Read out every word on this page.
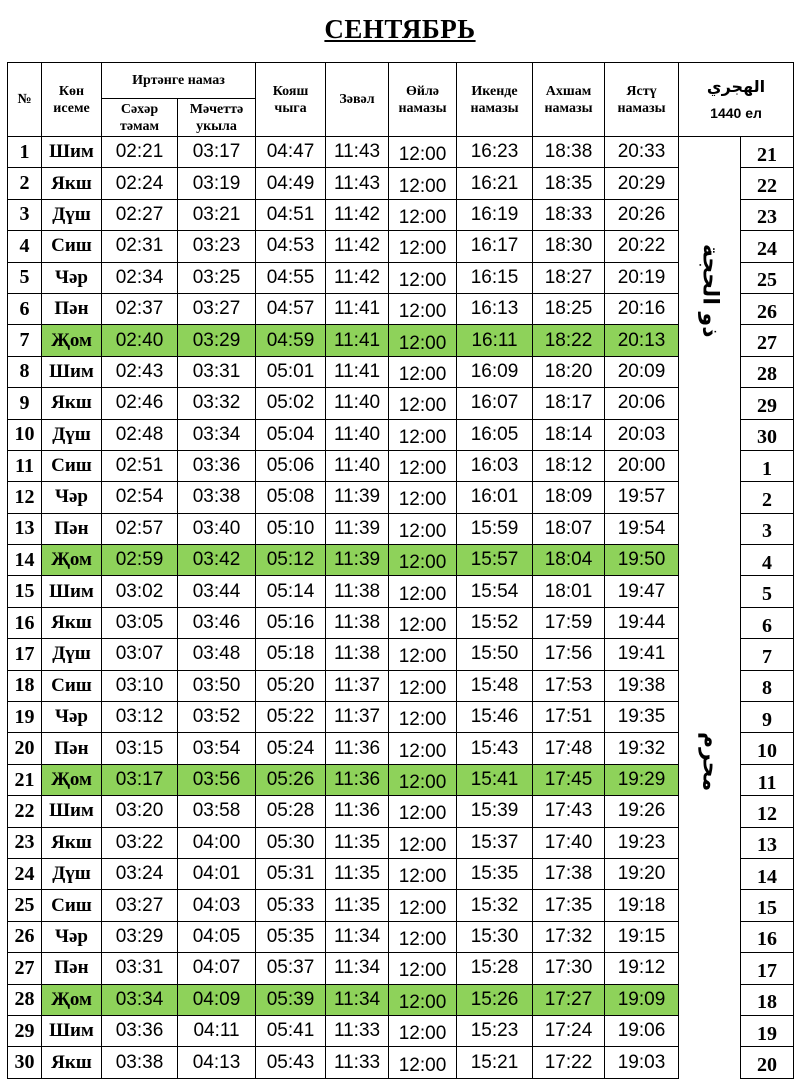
СЕНТЯБРЬ
№	Көн исеме	Иртәнге намаз		Кояш чыга	Зәвәл	Өйлә намазы	Икенде намазы	Ахшам намазы	Ястү намазы	الهجري
1440 ел	

		Сәхәр тәмам	Мәчеттә укыла								

1	Шим	02:21	03:17	04:47	11:43	12:00	16:23	18:38	20:33	ذو الحجة	21
2	Якш	02:24	03:19	04:49	11:43	12:00	16:21	18:35	20:29		22
3	Дүш	02:27	03:21	04:51	11:42	12:00	16:19	18:33	20:26		23
4	Сиш	02:31	03:23	04:53	11:42	12:00	16:17	18:30	20:22		24
5	Чәр	02:34	03:25	04:55	11:42	12:00	16:15	18:27	20:19		25
6	Пән	02:37	03:27	04:57	11:41	12:00	16:13	18:25	20:16		26
7	Җом	02:40	03:29	04:59	11:41	12:00	16:11	18:22	20:13		27
8	Шим	02:43	03:31	05:01	11:41	12:00	16:09	18:20	20:09		28
9	Якш	02:46	03:32	05:02	11:40	12:00	16:07	18:17	20:06		29
10	Дүш	02:48	03:34	05:04	11:40	12:00	16:05	18:14	20:03		30
11	Сиш	02:51	03:36	05:06	11:40	12:00	16:03	18:12	20:00	محرم	1
12	Чәр	02:54	03:38	05:08	11:39	12:00	16:01	18:09	19:57		2
13	Пән	02:57	03:40	05:10	11:39	12:00	15:59	18:07	19:54		3
14	Җом	02:59	03:42	05:12	11:39	12:00	15:57	18:04	19:50		4
15	Шим	03:02	03:44	05:14	11:38	12:00	15:54	18:01	19:47		5
16	Якш	03:05	03:46	05:16	11:38	12:00	15:52	17:59	19:44		6
17	Дүш	03:07	03:48	05:18	11:38	12:00	15:50	17:56	19:41		7
18	Сиш	03:10	03:50	05:20	11:37	12:00	15:48	17:53	19:38		8
19	Чәр	03:12	03:52	05:22	11:37	12:00	15:46	17:51	19:35		9
20	Пән	03:15	03:54	05:24	11:36	12:00	15:43	17:48	19:32		10
21	Җом	03:17	03:56	05:26	11:36	12:00	15:41	17:45	19:29		11
22	Шим	03:20	03:58	05:28	11:36	12:00	15:39	17:43	19:26		12
23	Якш	03:22	04:00	05:30	11:35	12:00	15:37	17:40	19:23		13
24	Дүш	03:24	04:01	05:31	11:35	12:00	15:35	17:38	19:20		14
25	Сиш	03:27	04:03	05:33	11:35	12:00	15:32	17:35	19:18		15
26	Чәр	03:29	04:05	05:35	11:34	12:00	15:30	17:32	19:15		16
27	Пән	03:31	04:07	05:37	11:34	12:00	15:28	17:30	19:12		17
28	Җом	03:34	04:09	05:39	11:34	12:00	15:26	17:27	19:09		18
29	Шим	03:36	04:11	05:41	11:33	12:00	15:23	17:24	19:06		19
30	Якш	03:38	04:13	05:43	11:33	12:00	15:21	17:22	19:03		20
